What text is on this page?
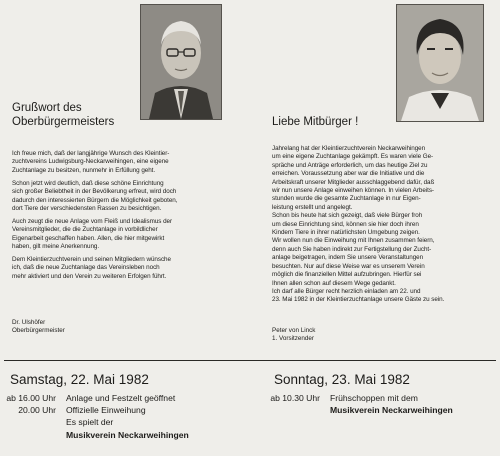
Grußwort des
Oberbürgermeisters

Ich freue mich, daß der langjährige Wunsch des Kleintier-
zuchtvereins Ludwigsburg-Neckarweihingen, eine eigene
Zuchtanlage zu besitzen, nunmehr in Erfüllung geht.

Schon jetzt wird deutlich, daß diese schöne Einrichtung
sich großer Beliebtheit in der Bevölkerung erfreut, wird doch
dadurch den interessierten Bürgern die Möglichkeit geboten,
dort Tiere der verschiedensten Rassen zu besichtigen.

Auch zeugt die neue Anlage vom Fleiß und Idealismus der
Vereinsmitglieder, die die Zuchtanlage in vorbildlicher
Eigenarbeit geschaffen haben. Allen, die hier mitgewirkt
haben, gilt meine Anerkennung.

Dem Kleintierzuchtverein und seinen Mitgliedern wünsche
ich, daß die neue Zuchtanlage das Vereinsleben noch
mehr aktiviert und den Verein zu weiteren Erfolgen führt.

Dr. Ulshöfer
Oberbürgermeister
Liebe Mitbürger !
Jahrelang hat der Kleintierzuchtverein Neckarweihingen
um eine eigene Zuchtanlage gekämpft. Es waren viele Ge-
spräche und Anträge erforderlich, um das heutige Ziel zu
erreichen. Voraussetzung aber war die Initiative und die
Arbeitskraft unserer Mitglieder ausschlaggebend dafür, daß
wir nun unsere Anlage einweihen können. In vielen Arbeits-
stunden wurde die gesamte Zuchtanlage in nur Eigen-
leistung erstellt und angelegt.
Schon bis heute hat sich gezeigt, daß viele Bürger froh
um diese Einrichtung sind, können sie hier doch ihren
Kindern Tiere in ihrer natürlichsten Umgebung zeigen.
Wir wollen nun die Einweihung mit Ihnen zusammen feiern,
denn auch Sie haben indirekt zur Fertigstellung der Zucht-
anlage beigetragen, indem Sie unsere Veranstaltungen
besuchten. Nur auf diese Weise war es unserem Verein
möglich die finanziellen Mittel aufzubringen. Hierfür sei
Ihnen allen schon auf diesem Wege gedankt.
Ich darf alle Bürger recht herzlich einladen am 22. und
23. Mai 1982 in der Kleintierzuchtanlage unsere Gäste zu sein.
Peter von Linck
1. Vorsitzender
Samstag, 22. Mai 1982
ab 16.00 Uhr Anlage und Festzelt geöffnet
20.00 Uhr Offizielle Einweihung
Es spielt der
Musikverein Neckarweihingen
Sonntag, 23. Mai 1982
ab 10.30 Uhr Frühschoppen mit dem
Musikverein Neckarweihingen
